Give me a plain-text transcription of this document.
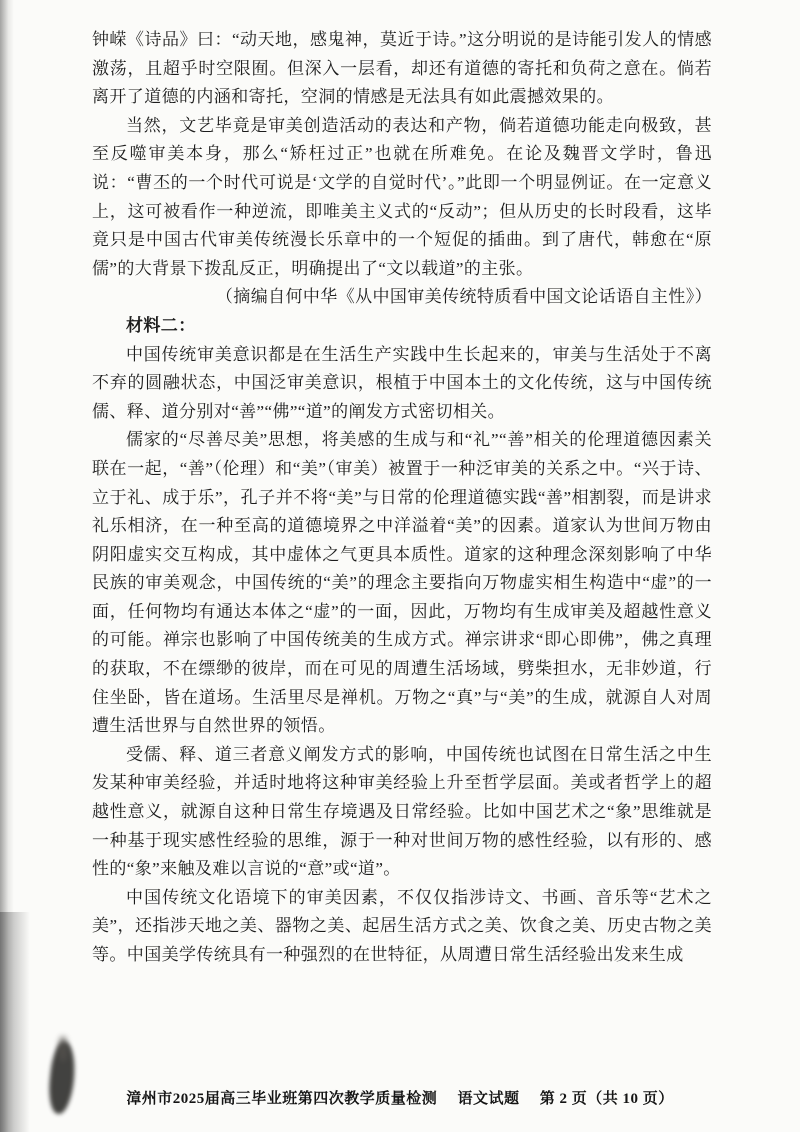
钟嵘《诗品》曰：“动天地，感鬼神，莫近于诗。”这分明说的是诗能引发人的情感激荡，且超乎时空限囿。但深入一层看，却还有道德的寄托和负荷之意在。倘若离开了道德的内涵和寄托，空洞的情感是无法具有如此震撼效果的。

当然，文艺毕竟是审美创造活动的表达和产物，倘若道德功能走向极致，甚至反噬审美本身，那么“矫枉过正”也就在所难免。在论及魏晋文学时，鲁迅说：“曹丕的一个时代可说是‘文学的自觉时代’。”此即一个明显例证。在一定意义上，这可被看作一种逆流，即唯美主义式的“反动”；但从历史的长时段看，这毕竟只是中国古代审美传统漫长乐章中的一个短促的插曲。到了唐代，韩愈在“原儒”的大背景下拨乱反正，明确提出了“文以载道”的主张。

（摘编自何中华《从中国审美传统特质看中国文论话语自主性》）

材料二：

中国传统审美意识都是在生活生产实践中生长起来的，审美与生活处于不离不弃的圆融状态，中国泛审美意识，根植于中国本土的文化传统，这与中国传统儒、释、道分别对“善”“佛”“道”的阐发方式密切相关。

儒家的“尽善尽美”思想，将美感的生成与和“礼”“善”相关的伦理道德因素关联在一起，“善”（伦理）和“美”（审美）被置于一种泛审美的关系之中。“兴于诗、立于礼、成于乐”，孔子并不将“美”与日常的伦理道德实践“善”相割裂，而是讲求礼乐相济，在一种至高的道德境界之中洋溢着“美”的因素。道家认为世间万物由阴阳虚实交互构成，其中虚体之气更具本质性。道家的这种理念深刻影响了中华民族的审美观念，中国传统的“美”的理念主要指向万物虚实相生构造中“虚”的一面，任何物均有通达本体之“虚”的一面，因此，万物均有生成审美及超越性意义的可能。禅宗也影响了中国传统美的生成方式。禅宗讲求“即心即佛”，佛之真理的获取，不在缥缈的彼岸，而在可见的周遭生活场域，劈柴担水，无非妙道，行住坐卧，皆在道场。生活里尽是禅机。万物之“真”与“美”的生成，就源自人对周遭生活世界与自然世界的领悟。

受儒、释、道三者意义阐发方式的影响，中国传统也试图在日常生活之中生发某种审美经验，并适时地将这种审美经验上升至哲学层面。美或者哲学上的超越性意义，就源自这种日常生存境遇及日常经验。比如中国艺术之“象”思维就是一种基于现实感性经验的思维，源于一种对世间万物的感性经验，以有形的、感性的“象”来触及难以言说的“意”或“道”。

中国传统文化语境下的审美因素，不仅仅指涉诗文、书画、音乐等“艺术之美”，还指涉天地之美、器物之美、起居生活方式之美、饮食之美、历史古物之美等。中国美学传统具有一种强烈的在世特征，从周遭日常生活经验出发来生成

漳州市2025届高三毕业班第四次教学质量检测 语文试题 第 2 页（共 10 页）
